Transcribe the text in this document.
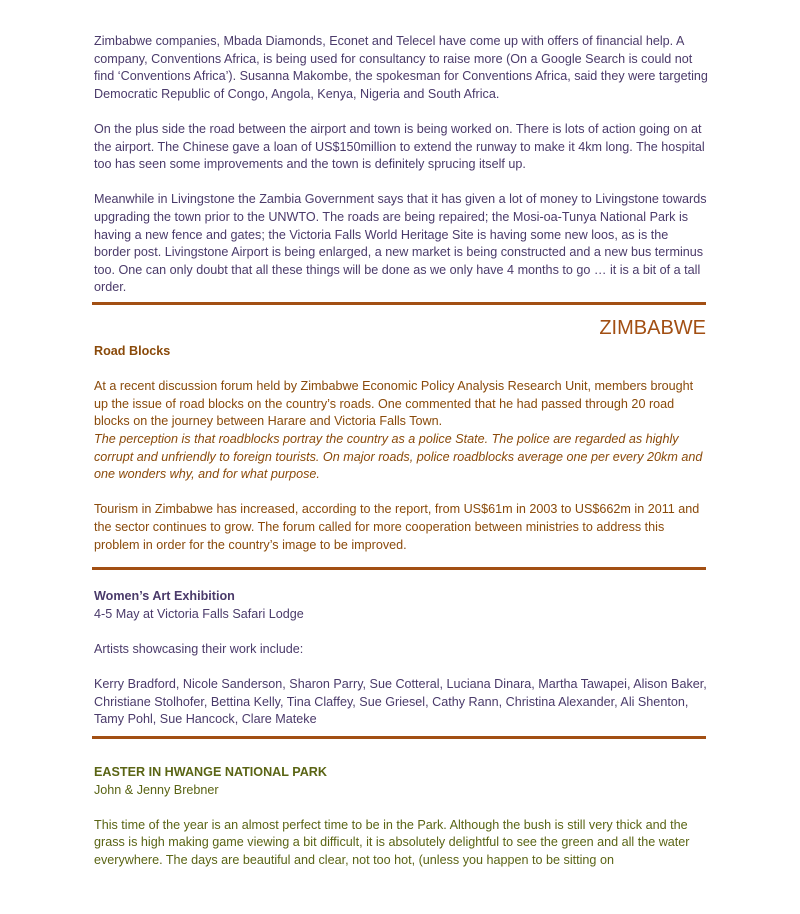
Zimbabwe companies, Mbada Diamonds, Econet and Telecel have come up with offers of financial help. A company, Conventions Africa, is being used for consultancy to raise more (On a Google Search is could not find ‘Conventions Africa’). Susanna Makombe, the spokesman for Conventions Africa, said they were targeting Democratic Republic of Congo, Angola, Kenya, Nigeria and South Africa.

On the plus side the road between the airport and town is being worked on. There is lots of action going on at the airport. The Chinese gave a loan of US$150million to extend the runway to make it 4km long. The hospital too has seen some improvements and the town is definitely sprucing itself up.

Meanwhile in Livingstone the Zambia Government says that it has given a lot of money to Livingstone towards upgrading the town prior to the UNWTO. The roads are being repaired; the Mosi-oa-Tunya National Park is having a new fence and gates; the Victoria Falls World Heritage Site is having some new loos, as is the border post. Livingstone Airport is being enlarged, a new market is being constructed and a new bus terminus too. One can only doubt that all these things will be done as we only have 4 months to go … it is a bit of a tall order.

ZIMBABWE

Road Blocks

At a recent discussion forum held by Zimbabwe Economic Policy Analysis Research Unit, members brought up the issue of road blocks on the country’s roads. One commented that he had passed through 20 road blocks on the journey between Harare and Victoria Falls Town.

The perception is that roadblocks portray the country as a police State. The police are regarded as highly corrupt and unfriendly to foreign tourists. On major roads, police roadblocks average one per every 20km and one wonders why, and for what purpose.

Tourism in Zimbabwe has increased, according to the report, from US$61m in 2003 to US$662m in 2011 and the sector continues to grow. The forum called for more cooperation between ministries to address this problem in order for the country’s image to be improved.

Women’s Art Exhibition

4-5 May at Victoria Falls Safari Lodge

Artists showcasing their work include:

Kerry Bradford, Nicole Sanderson, Sharon Parry, Sue Cotteral, Luciana Dinara, Martha Tawapei, Alison Baker, Christiane Stolhofer, Bettina Kelly, Tina Claffey, Sue Griesel, Cathy Rann, Christina Alexander, Ali Shenton, Tamy Pohl, Sue Hancock, Clare Mateke

EASTER IN HWANGE NATIONAL PARK

John & Jenny Brebner

This time of the year is an almost perfect time to be in the Park. Although the bush is still very thick and the grass is high making game viewing a bit difficult, it is absolutely delightful to see the green and all the water everywhere. The days are beautiful and clear, not too hot, (unless you happen to be sitting on
